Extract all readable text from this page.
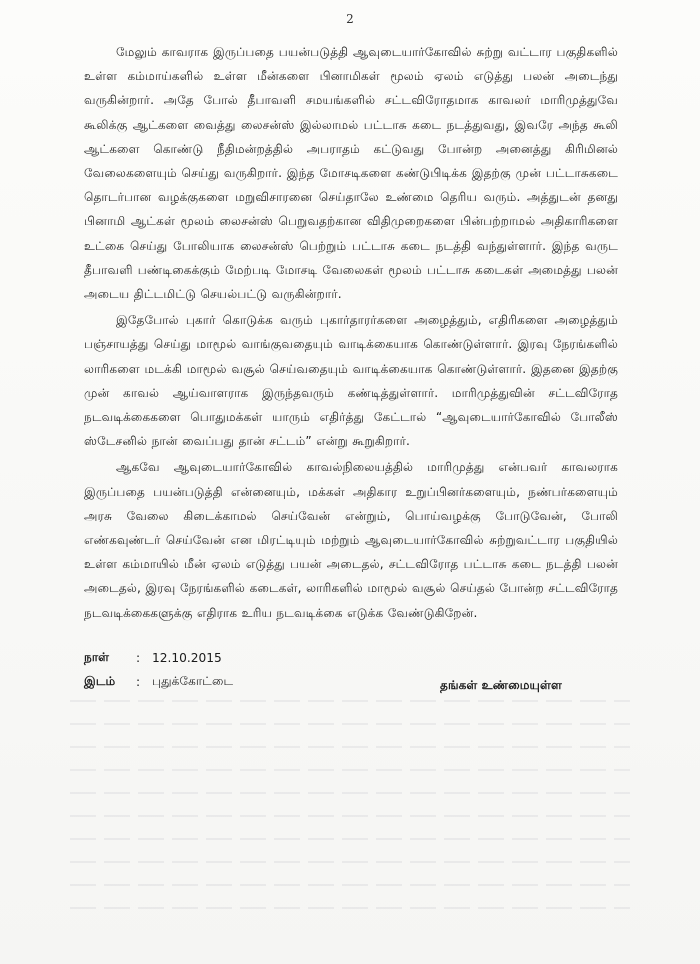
2

மேலும் காவராக இருப்பதை பயன்படுத்தி ஆவுடையார்கோவில் சுற்று வட்டார பகுதிகளில் உள்ள கம்மாய்களில் உள்ள மீன்களை பினாமிகள் மூலம் ஏலம் எடுத்து பலன் அடைந்து வருகின்றார். அதே போல் தீபாவளி சமயங்களில் சட்டவிரோதமாக காவலர் மாரிமுத்துவே கூலிக்கு ஆட்களை வைத்து லைசன்ஸ் இல்லாமல் பட்டாசு கடை நடத்துவது, இவரே அந்த கூலி ஆட்களை கொண்டு நீதிமன்றத்தில் அபராதம் கட்டுவது போன்ற அனைத்து கிரிமினல் வேலைகளையும் செய்து வருகிறார். இந்த மோசடிகளை கண்டுபிடிக்க இதற்கு முன் பட்டாசுகடை தொடர்பான வழக்குகளை மறுவிசாரனை செய்தாலே உண்மை தெரிய வரும். அத்துடன் தனது பினாமி ஆட்கள் மூலம் லைசன்ஸ் பெறுவதற்கான விதிமுறைகளை பின்பற்றாமல் அதிகாரிகளை உட்கை செய்து போலியாக லைசன்ஸ் பெற்றும் பட்டாசு கடை நடத்தி வந்துள்ளார். இந்த வருட தீபாவளி பண்டிகைக்கும் மேற்படி மோசடி வேலைகள் மூலம் பட்டாசு கடைகள் அமைத்து பலன் அடைய திட்டமிட்டு செயல்பட்டு வருகின்றார்.

இதேபோல் புகார் கொடுக்க வரும் புகார்தாரர்களை அழைத்தும், எதிரிகளை அழைத்தும் பஞ்சாயத்து செய்து மாமூல் வாங்குவதையும் வாடிக்கையாக கொண்டுள்ளார். இரவு நேரங்களில் லாரிகளை மடக்கி மாமூல் வசூல் செய்வதையும் வாடிக்கையாக கொண்டுள்ளார். இதனை இதற்கு முன் காவல் ஆய்வாளராக இருந்தவரும் கண்டித்துள்ளார். மாரிமுத்துவின் சட்டவிரோத நடவடிக்கைகளை பொதுமக்கள் யாரும் எதிர்த்து கேட்டால் “ஆவுடையார்கோவில் போலீஸ் ஸ்டேசனில் நான் வைப்பது தான் சட்டம்” என்று கூறுகிறார்.

ஆகவே ஆவுடையார்கோவில் காவல்நிலையத்தில் மாரிமுத்து என்பவர் காவலராக இருப்பதை பயன்படுத்தி என்னையும், மக்கள் அதிகார உறுப்பினர்களையும், நண்பர்களையும் அரசு வேலை கிடைக்காமல் செய்வேன் என்றும், பொய்வழக்கு போடுவேன், போலி எண்கவுண்டர் செய்வேன் என மிரட்டியும் மற்றும் ஆவுடையார்கோவில் சுற்றுவட்டார பகுதியில் உள்ள கம்மாயில் மீன் ஏலம் எடுத்து பயன் அடைதல், சட்டவிரோத பட்டாசு கடை நடத்தி பலன் அடைதல், இரவு நேரங்களில் கடைகள், லாரிகளில் மாமூல் வசூல் செய்தல் போன்ற சட்டவிரோத நடவடிக்கைகளுக்கு எதிராக உரிய நடவடிக்கை எடுக்க வேண்டுகிறேன்.

நாள்	: 12.10.2015
இடம்	: புதுக்கோட்டை	தங்கள் உண்மையுள்ள
